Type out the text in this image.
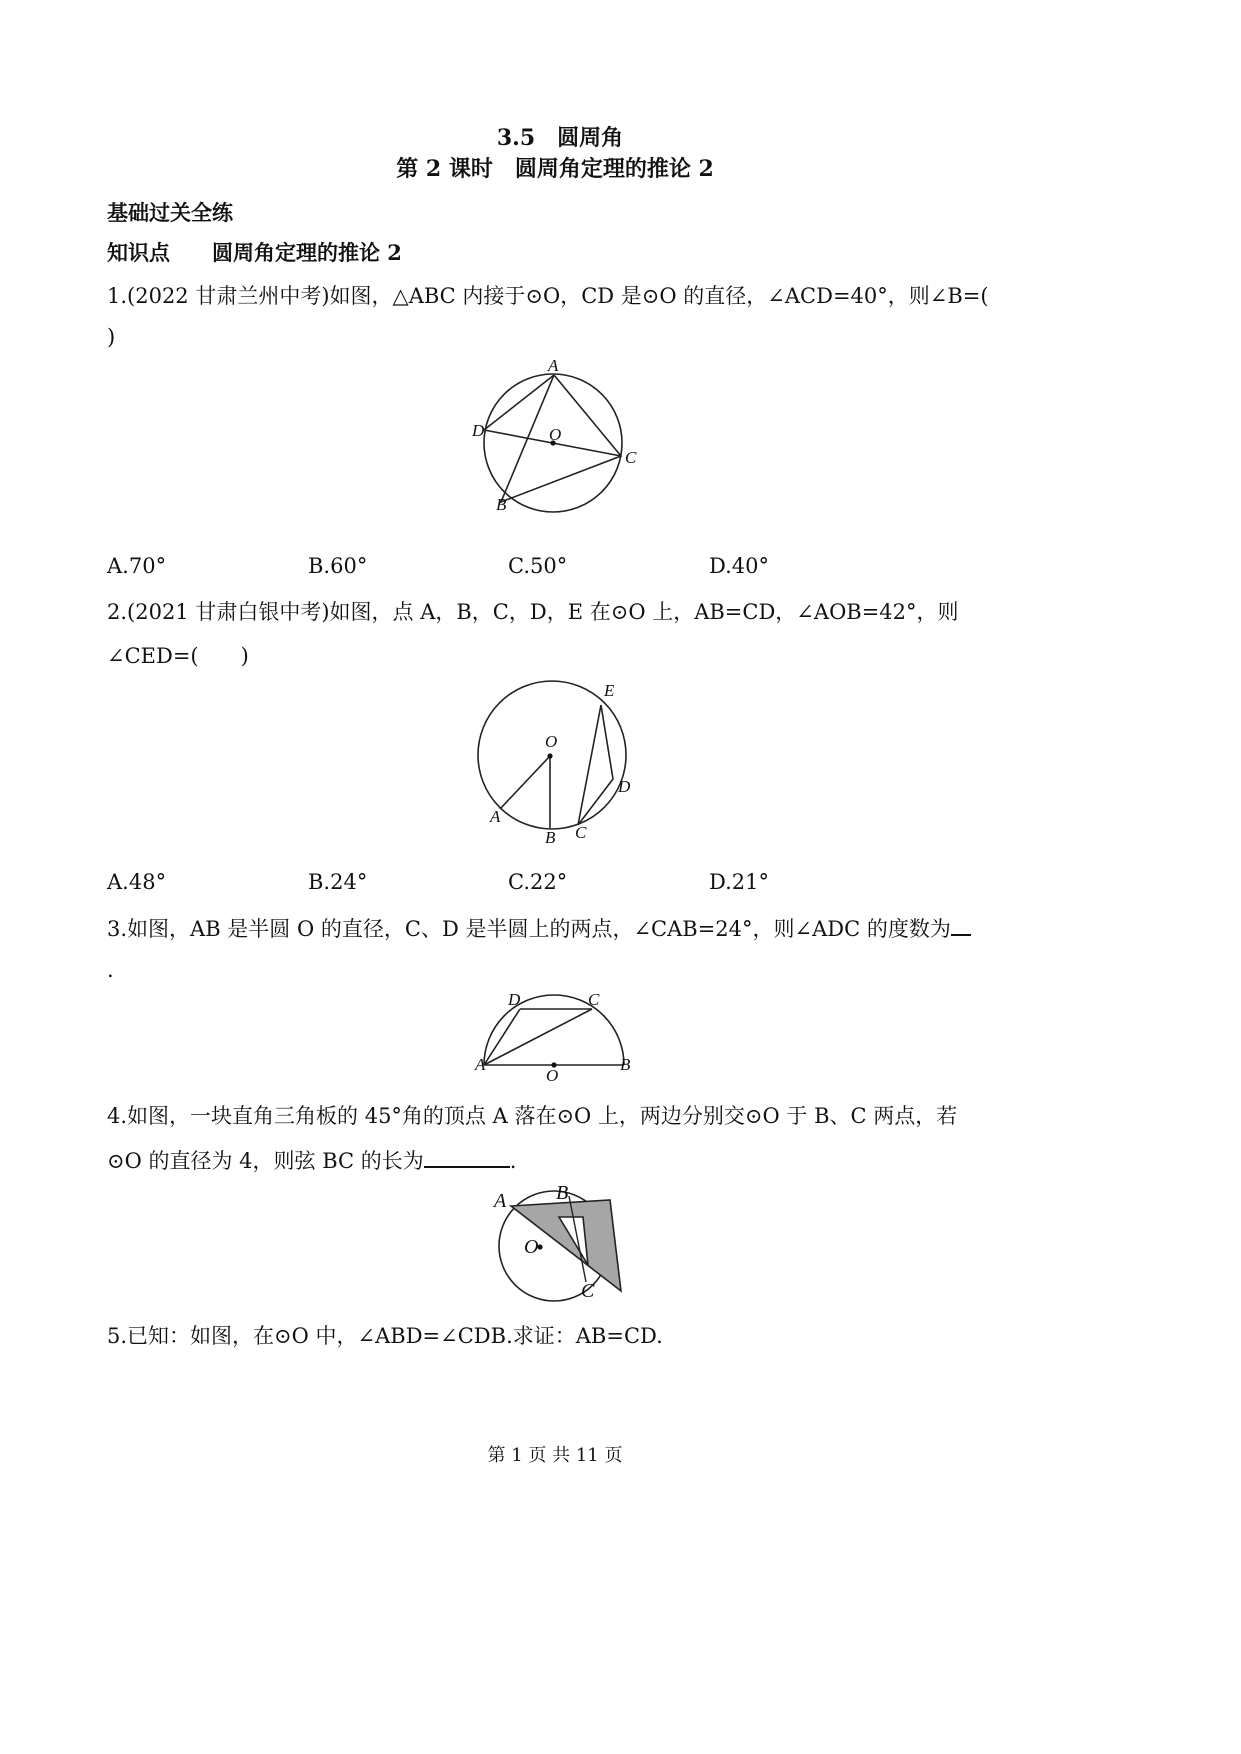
3.5　圆周角
第 2 课时　圆周角定理的推论 2
基础过关全练
知识点　　圆周角定理的推论 2
1.(2022 甘肃兰州中考)如图，△ABC 内接于⊙O，CD 是⊙O 的直径，∠ACD=40°，则∠B=(
)
A
D	O
C
B
A.70°	B.60°	C.50°	D.40°
2.(2021 甘肃白银中考)如图，点 A，B，C，D，E 在⊙O 上，AB=CD，∠AOB=42°，则
∠CED=(　　)
E
O
D
A
B C
A.48°	B.24°	C.22°	D.21°
3.如图，AB 是半圆 O 的直径，C、D 是半圆上的两点，∠CAB=24°，则∠ADC 的度数为
.
D	C
A
O
B
4.如图，一块直角三角板的 45°角的顶点 A 落在⊙O 上，两边分别交⊙O 于 B、C 两点，若
⊙O 的直径为 4，则弦 BC 的长为	.
A B
O
C
5.已知：如图，在⊙O 中，∠ABD=∠CDB.求证：AB=CD.
第 1 页 共 11 页
